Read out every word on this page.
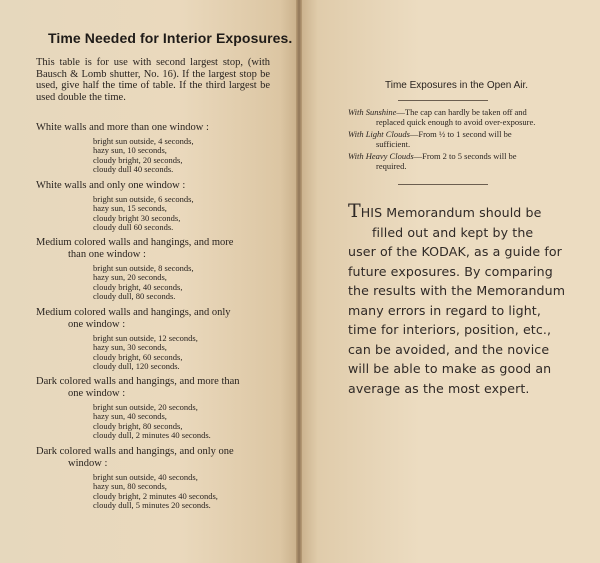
Time Needed for Interior Exposures.
This table is for use with second largest stop, (with Bausch & Lomb shutter, No. 16). If the largest stop be used, give half the time of table. If the third largest be used double the time.
White walls and more than one window :
bright sun outside, 4 seconds,
hazy sun, 10 seconds,
cloudy bright, 20 seconds,
cloudy dull 40 seconds.
White walls and only one window :
bright sun outside, 6 seconds,
hazy sun, 15 seconds,
cloudy bright 30 seconds,
cloudy dull 60 seconds.
Medium colored walls and hangings, and more
than one window :
bright sun outside, 8 seconds,
hazy sun, 20 seconds,
cloudy bright, 40 seconds,
cloudy dull, 80 seconds.
Medium colored walls and hangings, and only
one window :
bright sun outside, 12 seconds,
hazy sun, 30 seconds,
cloudy bright, 60 seconds,
cloudy dull, 120 seconds.
Dark colored walls and hangings, and more than
one window :
bright sun outside, 20 seconds,
hazy sun, 40 seconds,
cloudy bright, 80 seconds,
cloudy dull, 2 minutes 40 seconds.
Dark colored walls and hangings, and only one
window :
bright sun outside, 40 seconds,
hazy sun, 80 seconds,
cloudy bright, 2 minutes 40 seconds,
cloudy dull, 5 minutes 20 seconds.
Time Exposures in the Open Air.
With Sunshine—The cap can hardly be taken off and
replaced quick enough to avoid over-exposure.
With Light Clouds—From ½ to 1 second will be
sufficient.
With Heavy Clouds—From 2 to 5 seconds will be
required.
THIS Memorandum should be
filled out and kept by the
user of the KODAK, as a guide for
future exposures. By comparing
the results with the Memorandum
many errors in regard to light,
time for interiors, position, etc.,
can be avoided, and the novice
will be able to make as good an
average as the most expert.
